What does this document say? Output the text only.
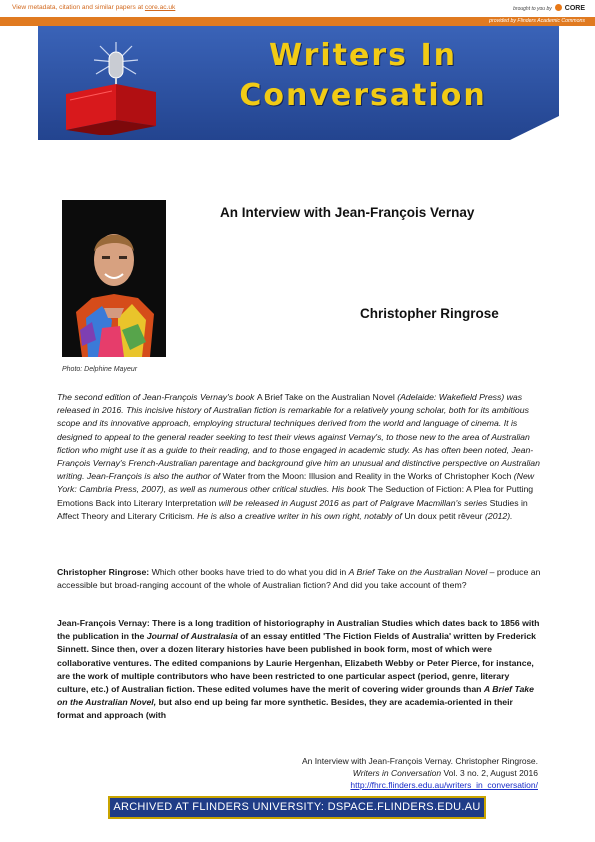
View metadata, citation and similar papers at core.ac.uk	brought to you by CORE
provided by Flinders Academic Commons
Writers In
Conversation
Photo: Delphine Mayeur
An Interview with Jean-François Vernay
Christopher Ringrose
The second edition of Jean-François Vernay's book A Brief Take on the Australian Novel (Adelaide: Wakefield Press) was released in 2016. This incisive history of Australian fiction is remarkable for a relatively young scholar, both for its ambitious scope and its innovative approach, employing structural techniques derived from the world and language of cinema. It is designed to appeal to the general reader seeking to test their views against Vernay's, to those new to the area of Australian fiction who might use it as a guide to their reading, and to those engaged in academic study. As has often been noted, Jean-François Vernay's French-Australian parentage and background give him an unusual and distinctive perspective on Australian writing. Jean-François is also the author of Water from the Moon: Illusion and Reality in the Works of Christopher Koch (New York: Cambria Press, 2007), as well as numerous other critical studies. His book The Seduction of Fiction: A Plea for Putting Emotions Back into Literary Interpretation will be released in August 2016 as part of Palgrave Macmillan's series Studies in Affect Theory and Literary Criticism. He is also a creative writer in his own right, notably of Un doux petit rêveur (2012).
Christopher Ringrose: Which other books have tried to do what you did in A Brief Take on the Australian Novel – produce an accessible but broad-ranging account of the whole of Australian fiction? And did you take account of them?
Jean-François Vernay: There is a long tradition of historiography in Australian Studies which dates back to 1856 with the publication in the Journal of Australasia of an essay entitled 'The Fiction Fields of Australia' written by Frederick Sinnett. Since then, over a dozen literary histories have been published in book form, most of which were collaborative ventures. The edited companions by Laurie Hergenhan, Elizabeth Webby or Peter Pierce, for instance, are the work of multiple contributors who have been restricted to one particular aspect (period, genre, literary culture, etc.) of Australian fiction. These edited volumes have the merit of covering wider grounds than A Brief Take on the Australian Novel, but also end up being far more synthetic. Besides, they are academia-oriented in their format and approach (with
An Interview with Jean-François Vernay. Christopher Ringrose.
Writers in Conversation Vol. 3 no. 2, August 2016
http://fhrc.flinders.edu.au/writers_in_conversation/
ARCHIVED AT FLINDERS UNIVERSITY: DSPACE.FLINDERS.EDU.AU
